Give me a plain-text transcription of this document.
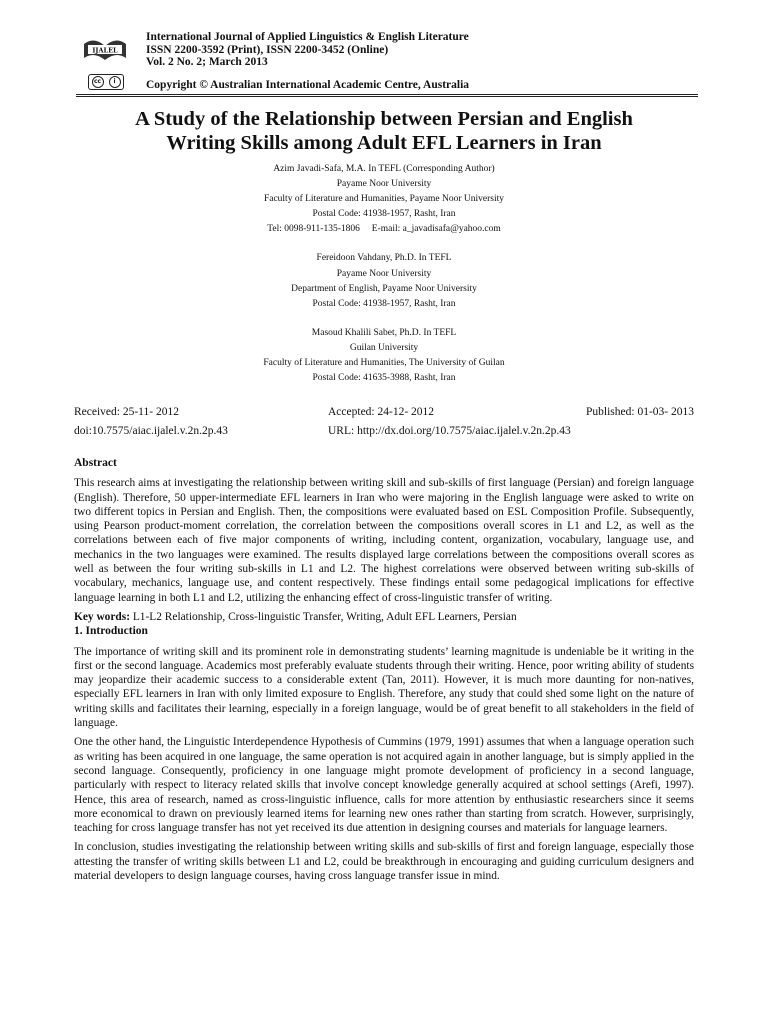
IJALEL
cc	i
International Journal of Applied Linguistics & English Literature
ISSN 2200-3592 (Print), ISSN 2200-3452 (Online)
Vol. 2 No. 2; March 2013
Copyright © Australian International Academic Centre, Australia
A Study of the Relationship between Persian and English
Writing Skills among Adult EFL Learners in Iran
Azim Javadi-Safa, M.A. In TEFL (Corresponding Author)
Payame Noor University
Faculty of Literature and Humanities, Payame Noor University
Postal Code: 41938-1957, Rasht, Iran
Tel: 0098-911-135-1806     E-mail: a_javadisafa@yahoo.com
Fereidoon Vahdany, Ph.D. In TEFL
Payame Noor University
Department of English, Payame Noor University
Postal Code: 41938-1957, Rasht, Iran
Masoud Khalili Sabet, Ph.D. In TEFL
Guilan University
Faculty of Literature and Humanities, The University of Guilan
Postal Code: 41635-3988, Rasht, Iran
Received: 25-11- 2012	Accepted: 24-12- 2012	Published: 01-03- 2013
doi:10.7575/aiac.ijalel.v.2n.2p.43	URL: http://dx.doi.org/10.7575/aiac.ijalel.v.2n.2p.43
Abstract

This research aims at investigating the relationship between writing skill and sub-skills of first language (Persian) and foreign language (English). Therefore, 50 upper-intermediate EFL learners in Iran who were majoring in the English language were asked to write on two different topics in Persian and English. Then, the compositions were evaluated based on ESL Composition Profile. Subsequently, using Pearson product-moment correlation, the correlation between the compositions overall scores in L1 and L2, as well as the correlations between each of five major components of writing, including content, organization, vocabulary, language use, and mechanics in the two languages were examined. The results displayed large correlations between the compositions overall scores as well as between the four writing sub-skills in L1 and L2. The highest correlations were observed between writing sub-skills of vocabulary, mechanics, language use, and content respectively. These findings entail some pedagogical implications for effective language learning in both L1 and L2, utilizing the enhancing effect of cross-linguistic transfer of writing.

Key words: L1-L2 Relationship, Cross-linguistic Transfer, Writing, Adult EFL Learners, Persian

1. Introduction

The importance of writing skill and its prominent role in demonstrating students’ learning magnitude is undeniable be it writing in the first or the second language. Academics most preferably evaluate students through their writing. Hence, poor writing ability of students may jeopardize their academic success to a considerable extent (Tan, 2011). However, it is much more daunting for non-natives, especially EFL learners in Iran with only limited exposure to English. Therefore, any study that could shed some light on the nature of writing skills and facilitates their learning, especially in a foreign language, would be of great benefit to all stakeholders in the field of language.

One the other hand, the Linguistic Interdependence Hypothesis of Cummins (1979, 1991) assumes that when a language operation such as writing has been acquired in one language, the same operation is not acquired again in another language, but is simply applied in the second language. Consequently, proficiency in one language might promote development of proficiency in a second language, particularly with respect to literacy related skills that involve concept knowledge generally acquired at school settings (Arefi, 1997). Hence, this area of research, named as cross-linguistic influence, calls for more attention by enthusiastic researchers since it seems more economical to drawn on previously learned items for learning new ones rather than starting from scratch. However, surprisingly, teaching for cross language transfer has not yet received its due attention in designing courses and materials for language learners.

In conclusion, studies investigating the relationship between writing skills and sub-skills of first and foreign language, especially those attesting the transfer of writing skills between L1 and L2, could be breakthrough in encouraging and guiding curriculum designers and material developers to design language courses, having cross language transfer issue in mind.
